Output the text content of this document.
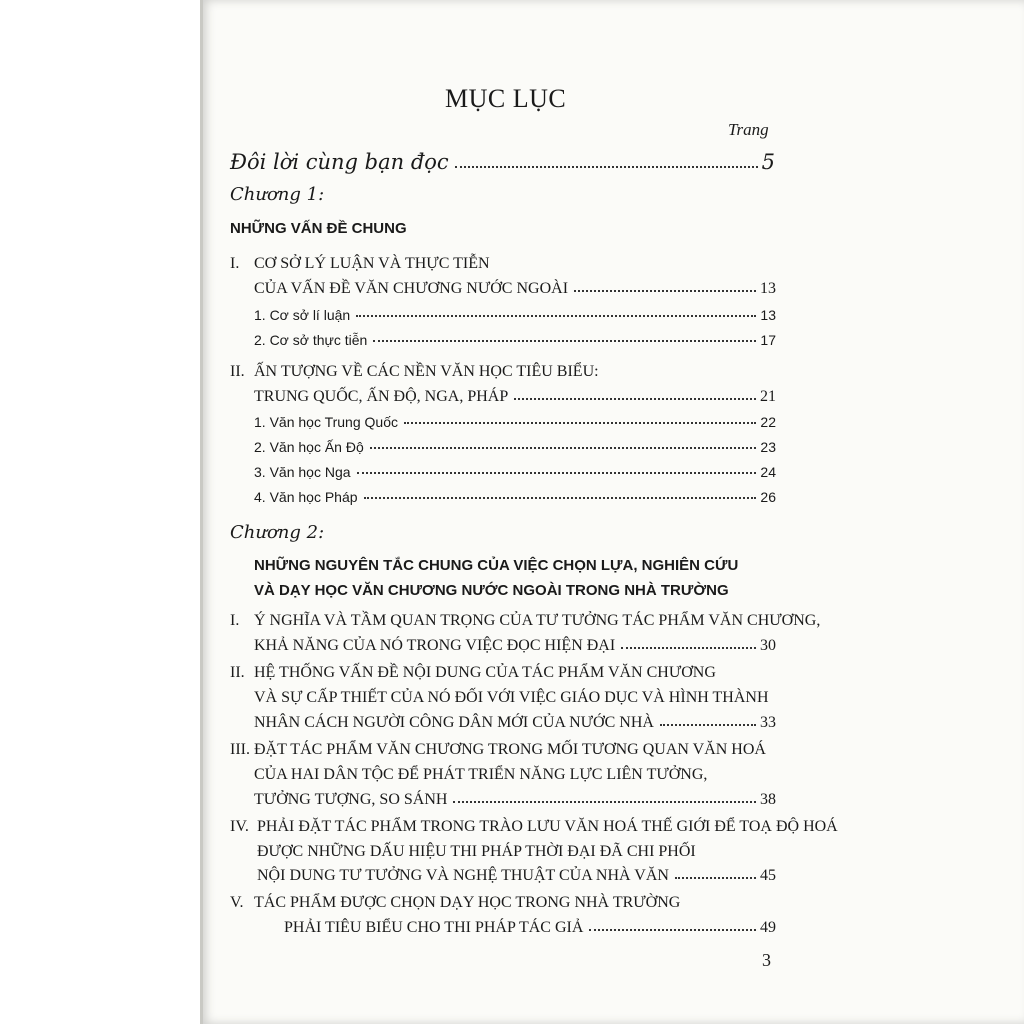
MỤC LỤC
Trang
Đôi lời cùng bạn đọc	5
Chương 1:
NHỮNG VẤN ĐỀ CHUNG
I. CƠ SỞ LÝ LUẬN VÀ THỰC TIỄN
CỦA VẤN ĐỀ VĂN CHƯƠNG NƯỚC NGOÀI	13
1. Cơ sở lí luận	13
2. Cơ sở thực tiễn	17
II. ẤN TƯỢNG VỀ CÁC NỀN VĂN HỌC TIÊU BIỂU:
TRUNG QUỐC, ẤN ĐỘ, NGA, PHÁP	21
1. Văn học Trung Quốc	22
2. Văn học Ấn Độ	23
3. Văn học Nga	24
4. Văn học Pháp	26
Chương 2:
NHỮNG NGUYÊN TẮC CHUNG CỦA VIỆC CHỌN LỰA, NGHIÊN CỨU
VÀ DẠY HỌC VĂN CHƯƠNG NƯỚC NGOÀI TRONG NHÀ TRƯỜNG
I. Ý NGHĨA VÀ TẦM QUAN TRỌNG CỦA TƯ TƯỞNG TÁC PHẨM VĂN CHƯƠNG,
KHẢ NĂNG CỦA NÓ TRONG VIỆC ĐỌC HIỆN ĐẠI	30
II. HỆ THỐNG VẤN ĐỀ NỘI DUNG CỦA TÁC PHẨM VĂN CHƯƠNG
VÀ SỰ CẤP THIẾT CỦA NÓ ĐỐI VỚI VIỆC GIÁO DỤC VÀ HÌNH THÀNH
NHÂN CÁCH NGƯỜI CÔNG DÂN MỚI CỦA NƯỚC NHÀ	33
III. ĐẶT TÁC PHẨM VĂN CHƯƠNG TRONG MỐI TƯƠNG QUAN VĂN HOÁ
CỦA HAI DÂN TỘC ĐỂ PHÁT TRIỂN NĂNG LỰC LIÊN TƯỞNG,
TƯỞNG TƯỢNG, SO SÁNH	38
IV. PHẢI ĐẶT TÁC PHẨM TRONG TRÀO LƯU VĂN HOÁ THẾ GIỚI ĐỂ TOẠ ĐỘ HOÁ
ĐƯỢC NHỮNG DẤU HIỆU THI PHÁP THỜI ĐẠI ĐÃ CHI PHỐI
NỘI DUNG TƯ TƯỞNG VÀ NGHỆ THUẬT CỦA NHÀ VĂN	45
V. TÁC PHẨM ĐƯỢC CHỌN DẠY HỌC TRONG NHÀ TRƯỜNG
PHẢI TIÊU BIỂU CHO THI PHÁP TÁC GIẢ	49
3
